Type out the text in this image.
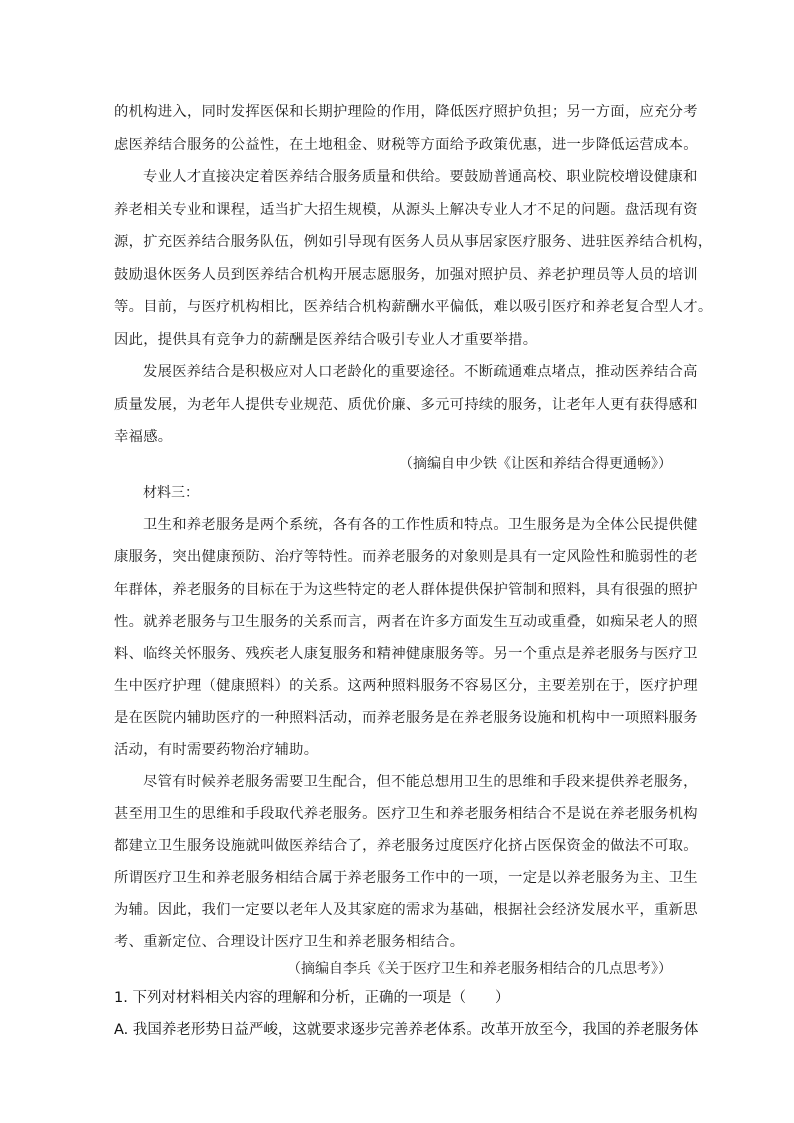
的机构进入，同时发挥医保和长期护理险的作用，降低医疗照护负担；另一方面，应充分考
虑医养结合服务的公益性，在土地租金、财税等方面给予政策优惠，进一步降低运营成本。
专业人才直接决定着医养结合服务质量和供给。要鼓励普通高校、职业院校增设健康和
养老相关专业和课程，适当扩大招生规模，从源头上解决专业人才不足的问题。盘活现有资
源，扩充医养结合服务队伍，例如引导现有医务人员从事居家医疗服务、进驻医养结合机构，
鼓励退休医务人员到医养结合机构开展志愿服务，加强对照护员、养老护理员等人员的培训
等。目前，与医疗机构相比，医养结合机构薪酬水平偏低，难以吸引医疗和养老复合型人才。
因此，提供具有竞争力的薪酬是医养结合吸引专业人才重要举措。
发展医养结合是积极应对人口老龄化的重要途径。不断疏通难点堵点，推动医养结合高
质量发展，为老年人提供专业规范、质优价廉、多元可持续的服务，让老年人更有获得感和
幸福感。
（摘编自申少铁《让医和养结合得更通畅》）
材料三：
卫生和养老服务是两个系统，各有各的工作性质和特点。卫生服务是为全体公民提供健
康服务，突出健康预防、治疗等特性。而养老服务的对象则是具有一定风险性和脆弱性的老
年群体，养老服务的目标在于为这些特定的老人群体提供保护管制和照料，具有很强的照护
性。就养老服务与卫生服务的关系而言，两者在许多方面发生互动或重叠，如痴呆老人的照
料、临终关怀服务、残疾老人康复服务和精神健康服务等。另一个重点是养老服务与医疗卫
生中医疗护理（健康照料）的关系。这两种照料服务不容易区分，主要差别在于，医疗护理
是在医院内辅助医疗的一种照料活动，而养老服务是在养老服务设施和机构中一项照料服务
活动，有时需要药物治疗辅助。
尽管有时候养老服务需要卫生配合，但不能总想用卫生的思维和手段来提供养老服务，
甚至用卫生的思维和手段取代养老服务。医疗卫生和养老服务相结合不是说在养老服务机构
都建立卫生服务设施就叫做医养结合了，养老服务过度医疗化挤占医保资金的做法不可取。
所谓医疗卫生和养老服务相结合属于养老服务工作中的一项，一定是以养老服务为主、卫生
为辅。因此，我们一定要以老年人及其家庭的需求为基础，根据社会经济发展水平，重新思
考、重新定位、合理设计医疗卫生和养老服务相结合。
（摘编自李兵《关于医疗卫生和养老服务相结合的几点思考》）
1. 下列对材料相关内容的理解和分析，正确的一项是（　　）
A. 我国养老形势日益严峻，这就要求逐步完善养老体系。改革开放至今，我国的养老服务体
